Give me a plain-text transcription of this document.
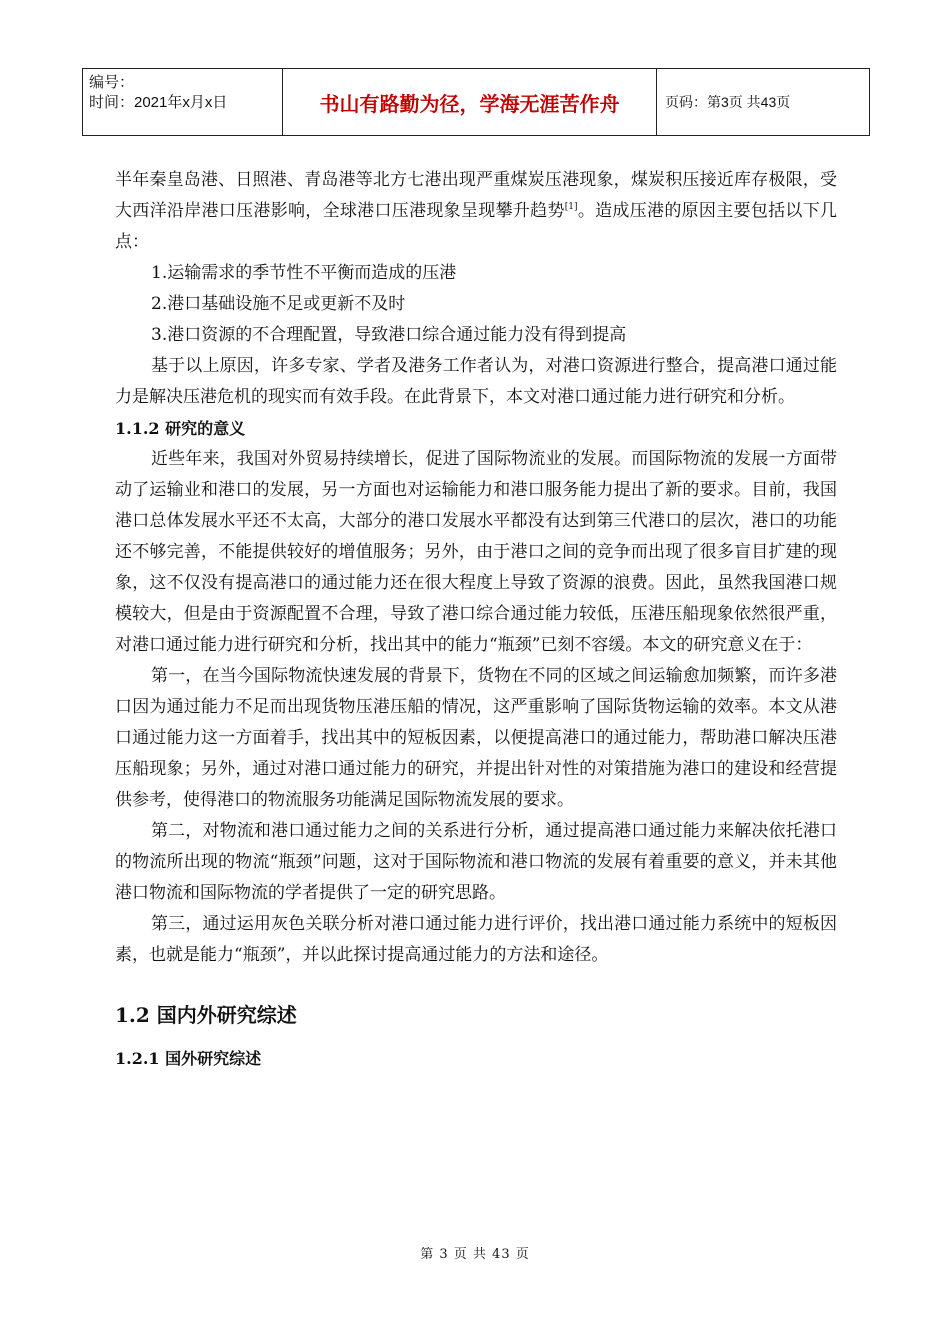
编号：
时间：2021年x月x日	书山有路勤为径，学海无涯苦作舟	页码：第3页 共43页

半年秦皇岛港、日照港、青岛港等北方七港出现严重煤炭压港现象，煤炭积压接近库存极限，受大西洋沿岸港口压港影响，全球港口压港现象呈现攀升趋势[1]。造成压港的原因主要包括以下几点：

1.运输需求的季节性不平衡而造成的压港

2.港口基础设施不足或更新不及时

3.港口资源的不合理配置，导致港口综合通过能力没有得到提高

基于以上原因，许多专家、学者及港务工作者认为，对港口资源进行整合，提高港口通过能力是解决压港危机的现实而有效手段。在此背景下，本文对港口通过能力进行研究和分析。

1.1.2 研究的意义

近些年来，我国对外贸易持续增长，促进了国际物流业的发展。而国际物流的发展一方面带动了运输业和港口的发展，另一方面也对运输能力和港口服务能力提出了新的要求。目前，我国港口总体发展水平还不太高，大部分的港口发展水平都没有达到第三代港口的层次，港口的功能还不够完善，不能提供较好的增值服务；另外，由于港口之间的竞争而出现了很多盲目扩建的现象，这不仅没有提高港口的通过能力还在很大程度上导致了资源的浪费。因此，虽然我国港口规模较大，但是由于资源配置不合理，导致了港口综合通过能力较低，压港压船现象依然很严重，对港口通过能力进行研究和分析，找出其中的能力“瓶颈”已刻不容缓。本文的研究意义在于：

第一，在当今国际物流快速发展的背景下，货物在不同的区域之间运输愈加频繁，而许多港口因为通过能力不足而出现货物压港压船的情况，这严重影响了国际货物运输的效率。本文从港口通过能力这一方面着手，找出其中的短板因素，以便提高港口的通过能力，帮助港口解决压港压船现象；另外，通过对港口通过能力的研究，并提出针对性的对策措施为港口的建设和经营提供参考，使得港口的物流服务功能满足国际物流发展的要求。

第二，对物流和港口通过能力之间的关系进行分析，通过提高港口通过能力来解决依托港口的物流所出现的物流“瓶颈”问题，这对于国际物流和港口物流的发展有着重要的意义，并未其他港口物流和国际物流的学者提供了一定的研究思路。

第三，通过运用灰色关联分析对港口通过能力进行评价，找出港口通过能力系统中的短板因素，也就是能力“瓶颈”，并以此探讨提高通过能力的方法和途径。

1.2 国内外研究综述
1.2.1 国外研究综述
第 3 页 共 43 页
